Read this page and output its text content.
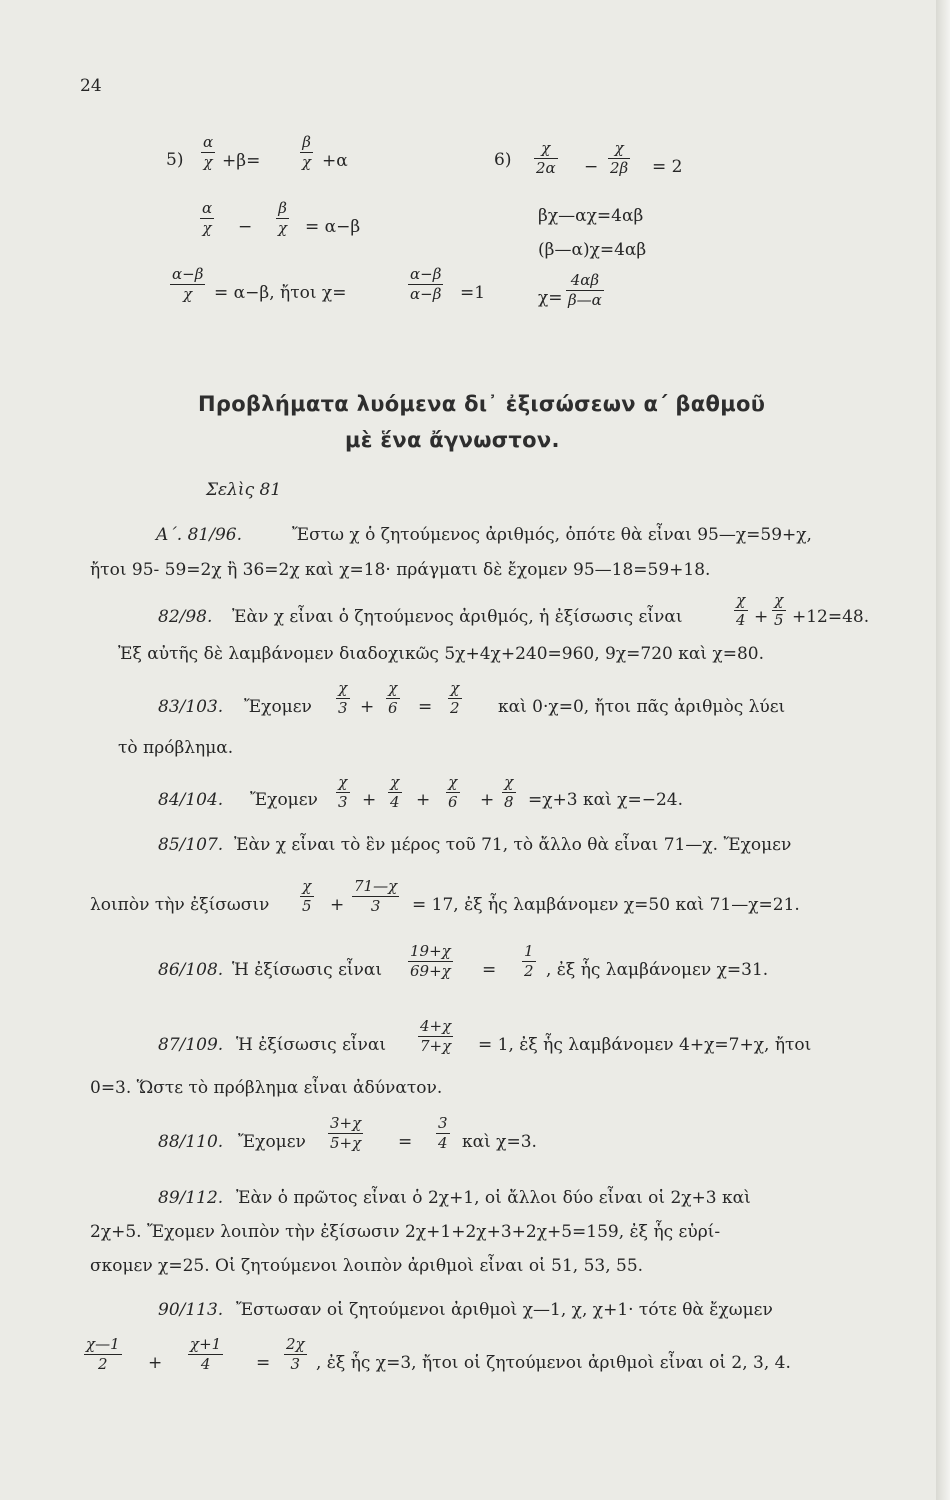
24
$5) \frac{\alpha}{\chi} +\beta=$	$\frac{\beta}{\chi} +\alpha$
$\frac{\alpha}{\chi} - \frac{\beta}{\chi} = \alpha-\beta$
$\frac{\alpha-\beta}{\chi} = \alpha-\beta$, ἤτοι χ=	$\frac{\alpha-\beta}{\alpha-\beta} =1$
$6) \frac{\chi}{2\alpha} - \frac{\chi}{2\beta} = 2$
βχ—αχ=4αβ
(β—α)χ=4αβ
$\chi= \frac{4\alpha\beta}{\beta—\alpha}$
Προβλήματα λυόμενα δι᾽ ἐξισώσεων α΄ βαθμοῦ
μὲ ἕνα ἄγνωστον.
Σελὶς 81
Α΄. 81/96.	Ἔστω χ ὁ ζητούμενος ἀριθμός, ὁπότε θὰ εἶναι 95—χ=59+χ,
ἤτοι 95- 59=2χ ἢ 36=2χ καὶ χ=18· πράγματι δὲ ἔχομεν 95—18=59+18.
82/98. Ἐὰν χ εἶναι ὁ ζητούμενος ἀριθμός, ἡ ἐξίσωσις εἶναι	$\frac{\chi}{4} + \frac{\chi}{5} +12=48$.
Ἐξ αὐτῆς δὲ λαμβάνομεν διαδοχικῶς 5χ+4χ+240=960, 9χ=720 καὶ χ=80.
83/103. Ἔχομεν $\frac{\chi}{3} + \frac{\chi}{6} = \frac{\chi}{2}$ καὶ 0·χ=0, ἤτοι πᾶς ἀριθμὸς λύει
τὸ πρόβλημα.
84/104. Ἔχομεν $\frac{\chi}{3} + \frac{\chi}{4} + \frac{\chi}{6} + \frac{\chi}{8} =\chi+3$ καὶ χ=−24.
85/107. Ἐὰν χ εἶναι τὸ ἓν μέρος τοῦ 71, τὸ ἄλλο θὰ εἶναι 71—χ. Ἔχομεν
λοιπὸν τὴν ἐξίσωσιν $\frac{\chi}{5} + \frac{71—\chi}{3} = 17$, ἐξ ἧς λαμβάνομεν χ=50 καὶ 71—χ=21.
86/108. Ἡ ἐξίσωσις εἶναι $\frac{19+\chi}{69+\chi} = \frac{1}{2}$ , ἐξ ἧς λαμβάνομεν χ=31.
87/109. Ἡ ἐξίσωσις εἶναι $\frac{4+\chi}{7+\chi} = 1$, ἐξ ἧς λαμβάνομεν 4+χ=7+χ, ἤτοι
0=3. Ὥστε τὸ πρόβλημα εἶναι ἀδύνατον.
88/110. Ἔχομεν $\frac{3+\chi}{5+\chi} = \frac{3}{4}$ καὶ χ=3.
89/112. Ἐὰν ὁ πρῶτος εἶναι ὁ 2χ+1, οἱ ἄλλοι δύο εἶναι οἱ 2χ+3 καὶ
2χ+5. Ἔχομεν λοιπὸν τὴν ἐξίσωσιν 2χ+1+2χ+3+2χ+5=159, ἐξ ἧς εὑρί-
σκομεν χ=25. Οἱ ζητούμενοι λοιπὸν ἀριθμοὶ εἶναι οἱ 51, 53, 55.
90/113. Ἔστωσαν οἱ ζητούμενοι ἀριθμοὶ χ—1, χ, χ+1· τότε θὰ ἔχωμεν
$\frac{\chi—1}{2} + \frac{\chi+1}{4} = \frac{2\chi}{3}$ , ἐξ ἧς χ=3, ἤτοι οἱ ζητούμενοι ἀριθμοὶ εἶναι οἱ 2, 3, 4.
